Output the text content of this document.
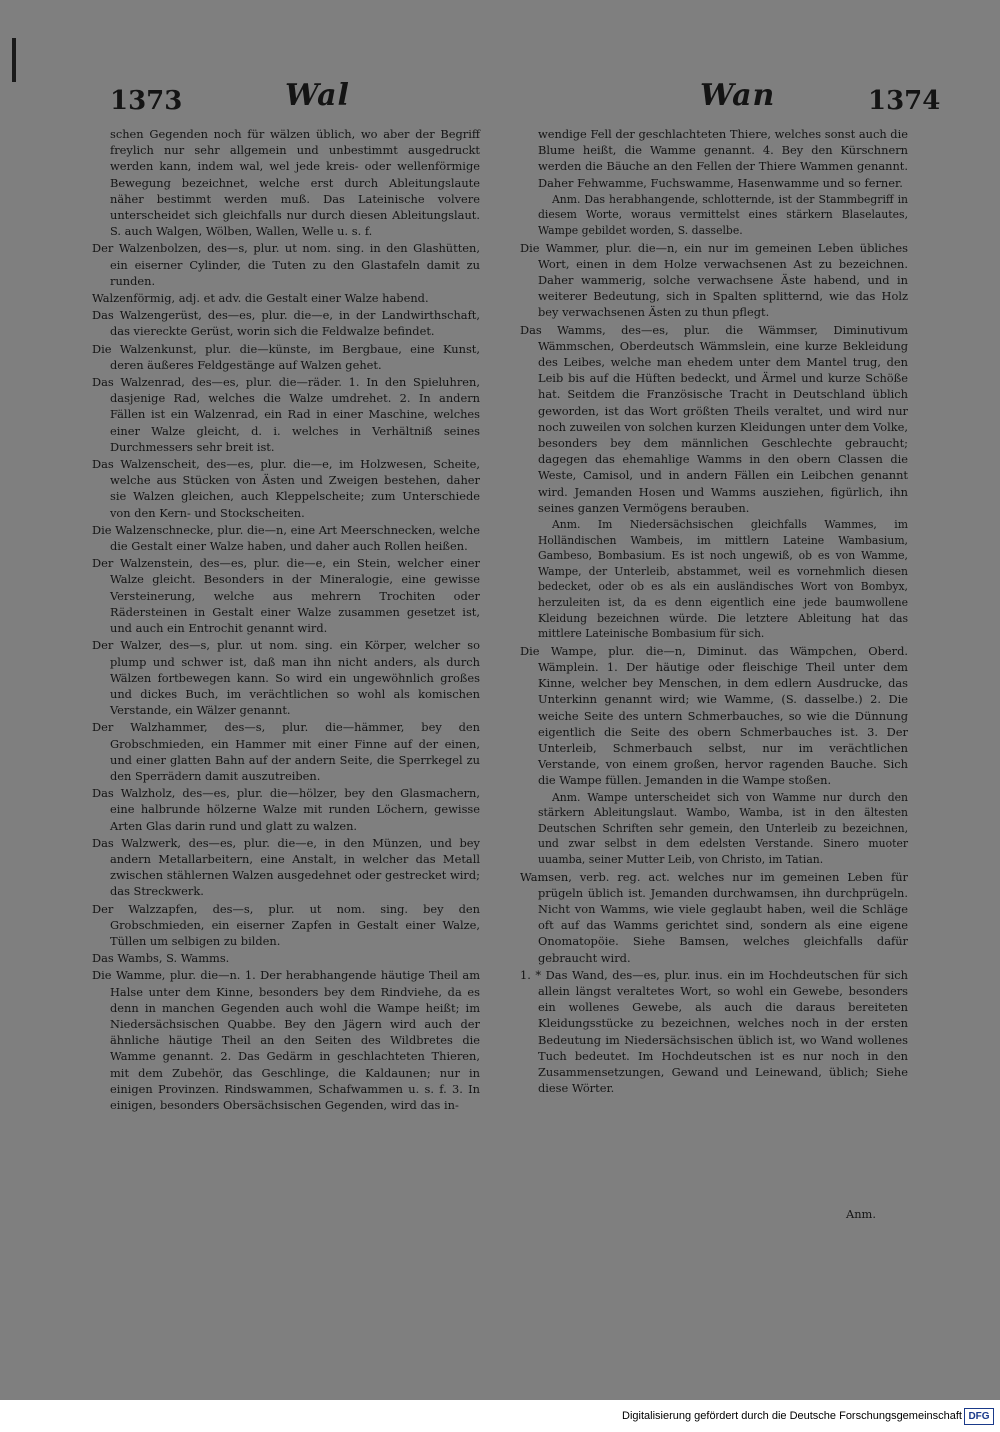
1373	Wal	Wan	1374

schen Gegenden noch für wälzen üblich, wo aber der Begriff freylich nur sehr allgemein und unbestimmt ausgedruckt werden kann, indem wal, wel jede kreis- oder wellenförmige Bewegung bezeichnet, welche erst durch Ableitungslaute näher bestimmt werden muß. Das Lateinische volvere unterscheidet sich gleichfalls nur durch diesen Ableitungslaut. S. auch Walgen, Wölben, Wallen, Welle u. s. f.

Der Walzenbolzen, des—s, plur. ut nom. sing. in den Glashütten, ein eiserner Cylinder, die Tuten zu den Glastafeln damit zu runden.

Walzenförmig, adj. et adv. die Gestalt einer Walze habend.

Das Walzengerüst, des—es, plur. die—e, in der Landwirthschaft, das viereckte Gerüst, worin sich die Feldwalze befindet.

Die Walzenkunst, plur. die—künste, im Bergbaue, eine Kunst, deren äußeres Feldgestänge auf Walzen gehet.

Das Walzenrad, des—es, plur. die—räder. 1. In den Spieluhren, dasjenige Rad, welches die Walze umdrehet. 2. In andern Fällen ist ein Walzenrad, ein Rad in einer Maschine, welches einer Walze gleicht, d. i. welches in Verhältniß seines Durchmessers sehr breit ist.

Das Walzenscheit, des—es, plur. die—e, im Holzwesen, Scheite, welche aus Stücken von Ästen und Zweigen bestehen, daher sie Walzen gleichen, auch Kleppelscheite; zum Unterschiede von den Kern- und Stockscheiten.

Die Walzenschnecke, plur. die—n, eine Art Meerschnecken, welche die Gestalt einer Walze haben, und daher auch Rollen heißen.

Der Walzenstein, des—es, plur. die—e, ein Stein, welcher einer Walze gleicht. Besonders in der Mineralogie, eine gewisse Versteinerung, welche aus mehrern Trochiten oder Rädersteinen in Gestalt einer Walze zusammen gesetzet ist, und auch ein Entrochit genannt wird.

Der Walzer, des—s, plur. ut nom. sing. ein Körper, welcher so plump und schwer ist, daß man ihn nicht anders, als durch Wälzen fortbewegen kann. So wird ein ungewöhnlich großes und dickes Buch, im verächtlichen so wohl als komischen Verstande, ein Wälzer genannt.

Der Walzhammer, des—s, plur. die—hämmer, bey den Grobschmieden, ein Hammer mit einer Finne auf der einen, und einer glatten Bahn auf der andern Seite, die Sperrkegel zu den Sperrädern damit auszutreiben.

Das Walzholz, des—es, plur. die—hölzer, bey den Glasmachern, eine halbrunde hölzerne Walze mit runden Löchern, gewisse Arten Glas darin rund und glatt zu walzen.

Das Walzwerk, des—es, plur. die—e, in den Münzen, und bey andern Metallarbeitern, eine Anstalt, in welcher das Metall zwischen stählernen Walzen ausgedehnet oder gestrecket wird; das Streckwerk.

Der Walzzapfen, des—s, plur. ut nom. sing. bey den Grobschmieden, ein eiserner Zapfen in Gestalt einer Walze, Tüllen um selbigen zu bilden.

Das Wambs, S. Wamms.

Die Wamme, plur. die—n. 1. Der herabhangende häutige Theil am Halse unter dem Kinne, besonders bey dem Rindviehe, da es denn in manchen Gegenden auch wohl die Wampe heißt; im Niedersächsischen Quabbe. Bey den Jägern wird auch der ähnliche häutige Theil an den Seiten des Wildbretes die Wamme genannt. 2. Das Gedärm in geschlachteten Thieren, mit dem Zubehör, das Geschlinge, die Kaldaunen; nur in einigen Provinzen. Rindswammen, Schafwammen u. s. f. 3. In einigen, besonders Obersächsischen Gegenden, wird das in-

wendige Fell der geschlachteten Thiere, welches sonst auch die Blume heißt, die Wamme genannt. 4. Bey den Kürschnern werden die Bäuche an den Fellen der Thiere Wammen genannt. Daher Fehwamme, Fuchswamme, Hasenwamme und so ferner.

Anm. Das herabhangende, schlotternde, ist der Stammbegriff in diesem Worte, woraus vermittelst eines stärkern Blaselautes, Wampe gebildet worden, S. dasselbe.

Die Wammer, plur. die—n, ein nur im gemeinen Leben übliches Wort, einen in dem Holze verwachsenen Ast zu bezeichnen. Daher wammerig, solche verwachsene Äste habend, und in weiterer Bedeutung, sich in Spalten splitternd, wie das Holz bey verwachsenen Ästen zu thun pflegt.

Das Wamms, des—es, plur. die Wämmser, Diminutivum Wämmschen, Oberdeutsch Wämmslein, eine kurze Bekleidung des Leibes, welche man ehedem unter dem Mantel trug, den Leib bis auf die Hüften bedeckt, und Ärmel und kurze Schöße hat. Seitdem die Französische Tracht in Deutschland üblich geworden, ist das Wort größten Theils veraltet, und wird nur noch zuweilen von solchen kurzen Kleidungen unter dem Volke, besonders bey dem männlichen Geschlechte gebraucht; dagegen das ehemahlige Wamms in den obern Classen die Weste, Camisol, und in andern Fällen ein Leibchen genannt wird. Jemanden Hosen und Wamms ausziehen, figürlich, ihn seines ganzen Vermögens berauben.

Anm. Im Niedersächsischen gleichfalls Wammes, im Holländischen Wambeis, im mittlern Lateine Wambasium, Gambeso, Bombasium. Es ist noch ungewiß, ob es von Wamme, Wampe, der Unterleib, abstammet, weil es vornehmlich diesen bedecket, oder ob es als ein ausländisches Wort von Bombyx, herzuleiten ist, da es denn eigentlich eine jede baumwollene Kleidung bezeichnen würde. Die letztere Ableitung hat das mittlere Lateinische Bombasium für sich.

Die Wampe, plur. die—n, Diminut. das Wämpchen, Oberd. Wämplein. 1. Der häutige oder fleischige Theil unter dem Kinne, welcher bey Menschen, in dem edlern Ausdrucke, das Unterkinn genannt wird; wie Wamme, (S. dasselbe.) 2. Die weiche Seite des untern Schmerbauches, so wie die Dünnung eigentlich die Seite des obern Schmerbauches ist. 3. Der Unterleib, Schmerbauch selbst, nur im verächtlichen Verstande, von einem großen, hervor ragenden Bauche. Sich die Wampe füllen. Jemanden in die Wampe stoßen.

Anm. Wampe unterscheidet sich von Wamme nur durch den stärkern Ableitungslaut. Wambo, Wamba, ist in den ältesten Deutschen Schriften sehr gemein, den Unterleib zu bezeichnen, und zwar selbst in dem edelsten Verstande. Sinero muoter uuamba, seiner Mutter Leib, von Christo, im Tatian.

Wamsen, verb. reg. act. welches nur im gemeinen Leben für prügeln üblich ist. Jemanden durchwamsen, ihn durchprügeln. Nicht von Wamms, wie viele geglaubt haben, weil die Schläge oft auf das Wamms gerichtet sind, sondern als eine eigene Onomatopöie. Siehe Bamsen, welches gleichfalls dafür gebraucht wird.

1. * Das Wand, des—es, plur. inus. ein im Hochdeutschen für sich allein längst veraltetes Wort, so wohl ein Gewebe, besonders ein wollenes Gewebe, als auch die daraus bereiteten Kleidungsstücke zu bezeichnen, welches noch in der ersten Bedeutung im Niedersächsischen üblich ist, wo Wand wollenes Tuch bedeutet. Im Hochdeutschen ist es nur noch in den Zusammensetzungen, Gewand und Leinewand, üblich; Siehe diese Wörter.

Anm.
Digitalisierung gefördert durch die Deutsche Forschungsgemeinschaft DFG
